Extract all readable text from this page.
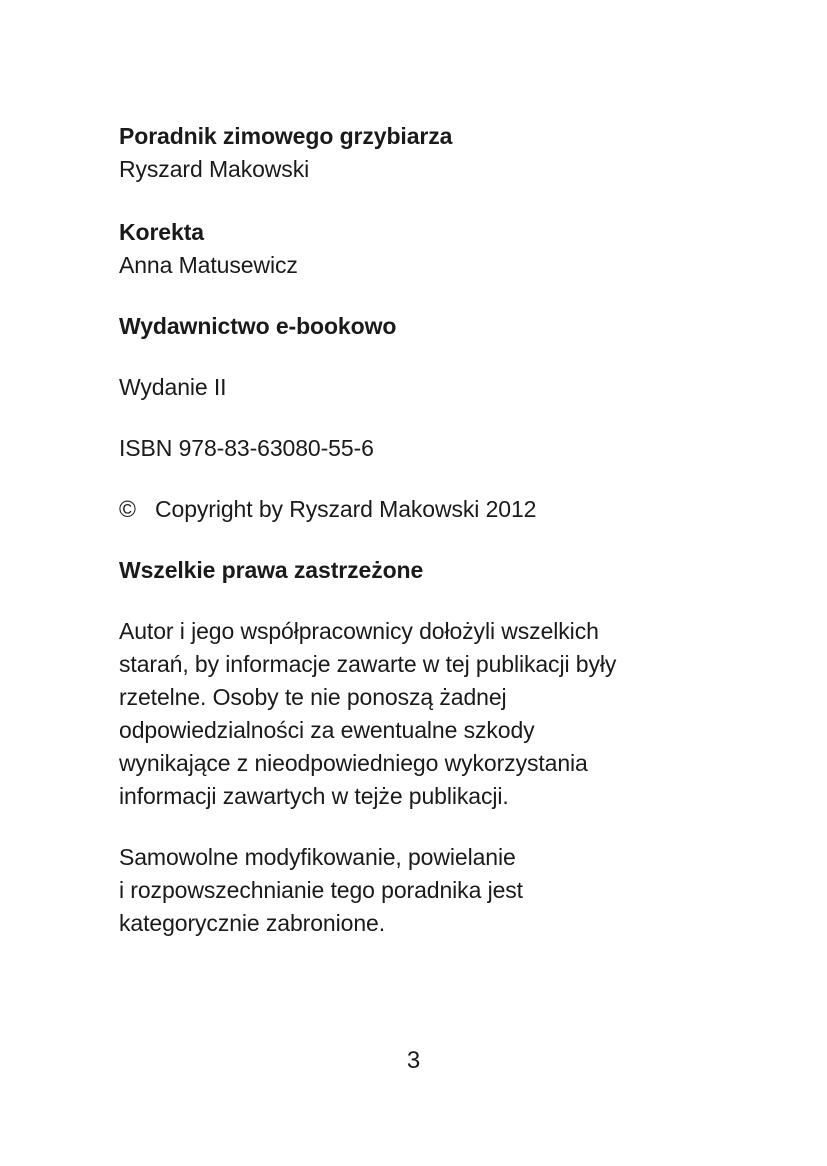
Poradnik zimowego grzybiarza
Ryszard Makowski
Korekta
Anna Matusewicz
Wydawnictwo e-bookowo
Wydanie II
ISBN 978-83-63080-55-6
© Copyright by Ryszard Makowski 2012
Wszelkie prawa zastrzeżone
Autor i jego współpracownicy dołożyli wszelkich
starań, by informacje zawarte w tej publikacji były
rzetelne. Osoby te nie ponoszą żadnej
odpowiedzialności za ewentualne szkody
wynikające z nieodpowiedniego wykorzystania
informacji zawartych w tejże publikacji.
Samowolne modyfikowanie, powielanie
i rozpowszechnianie tego poradnika jest
kategorycznie zabronione.
3
